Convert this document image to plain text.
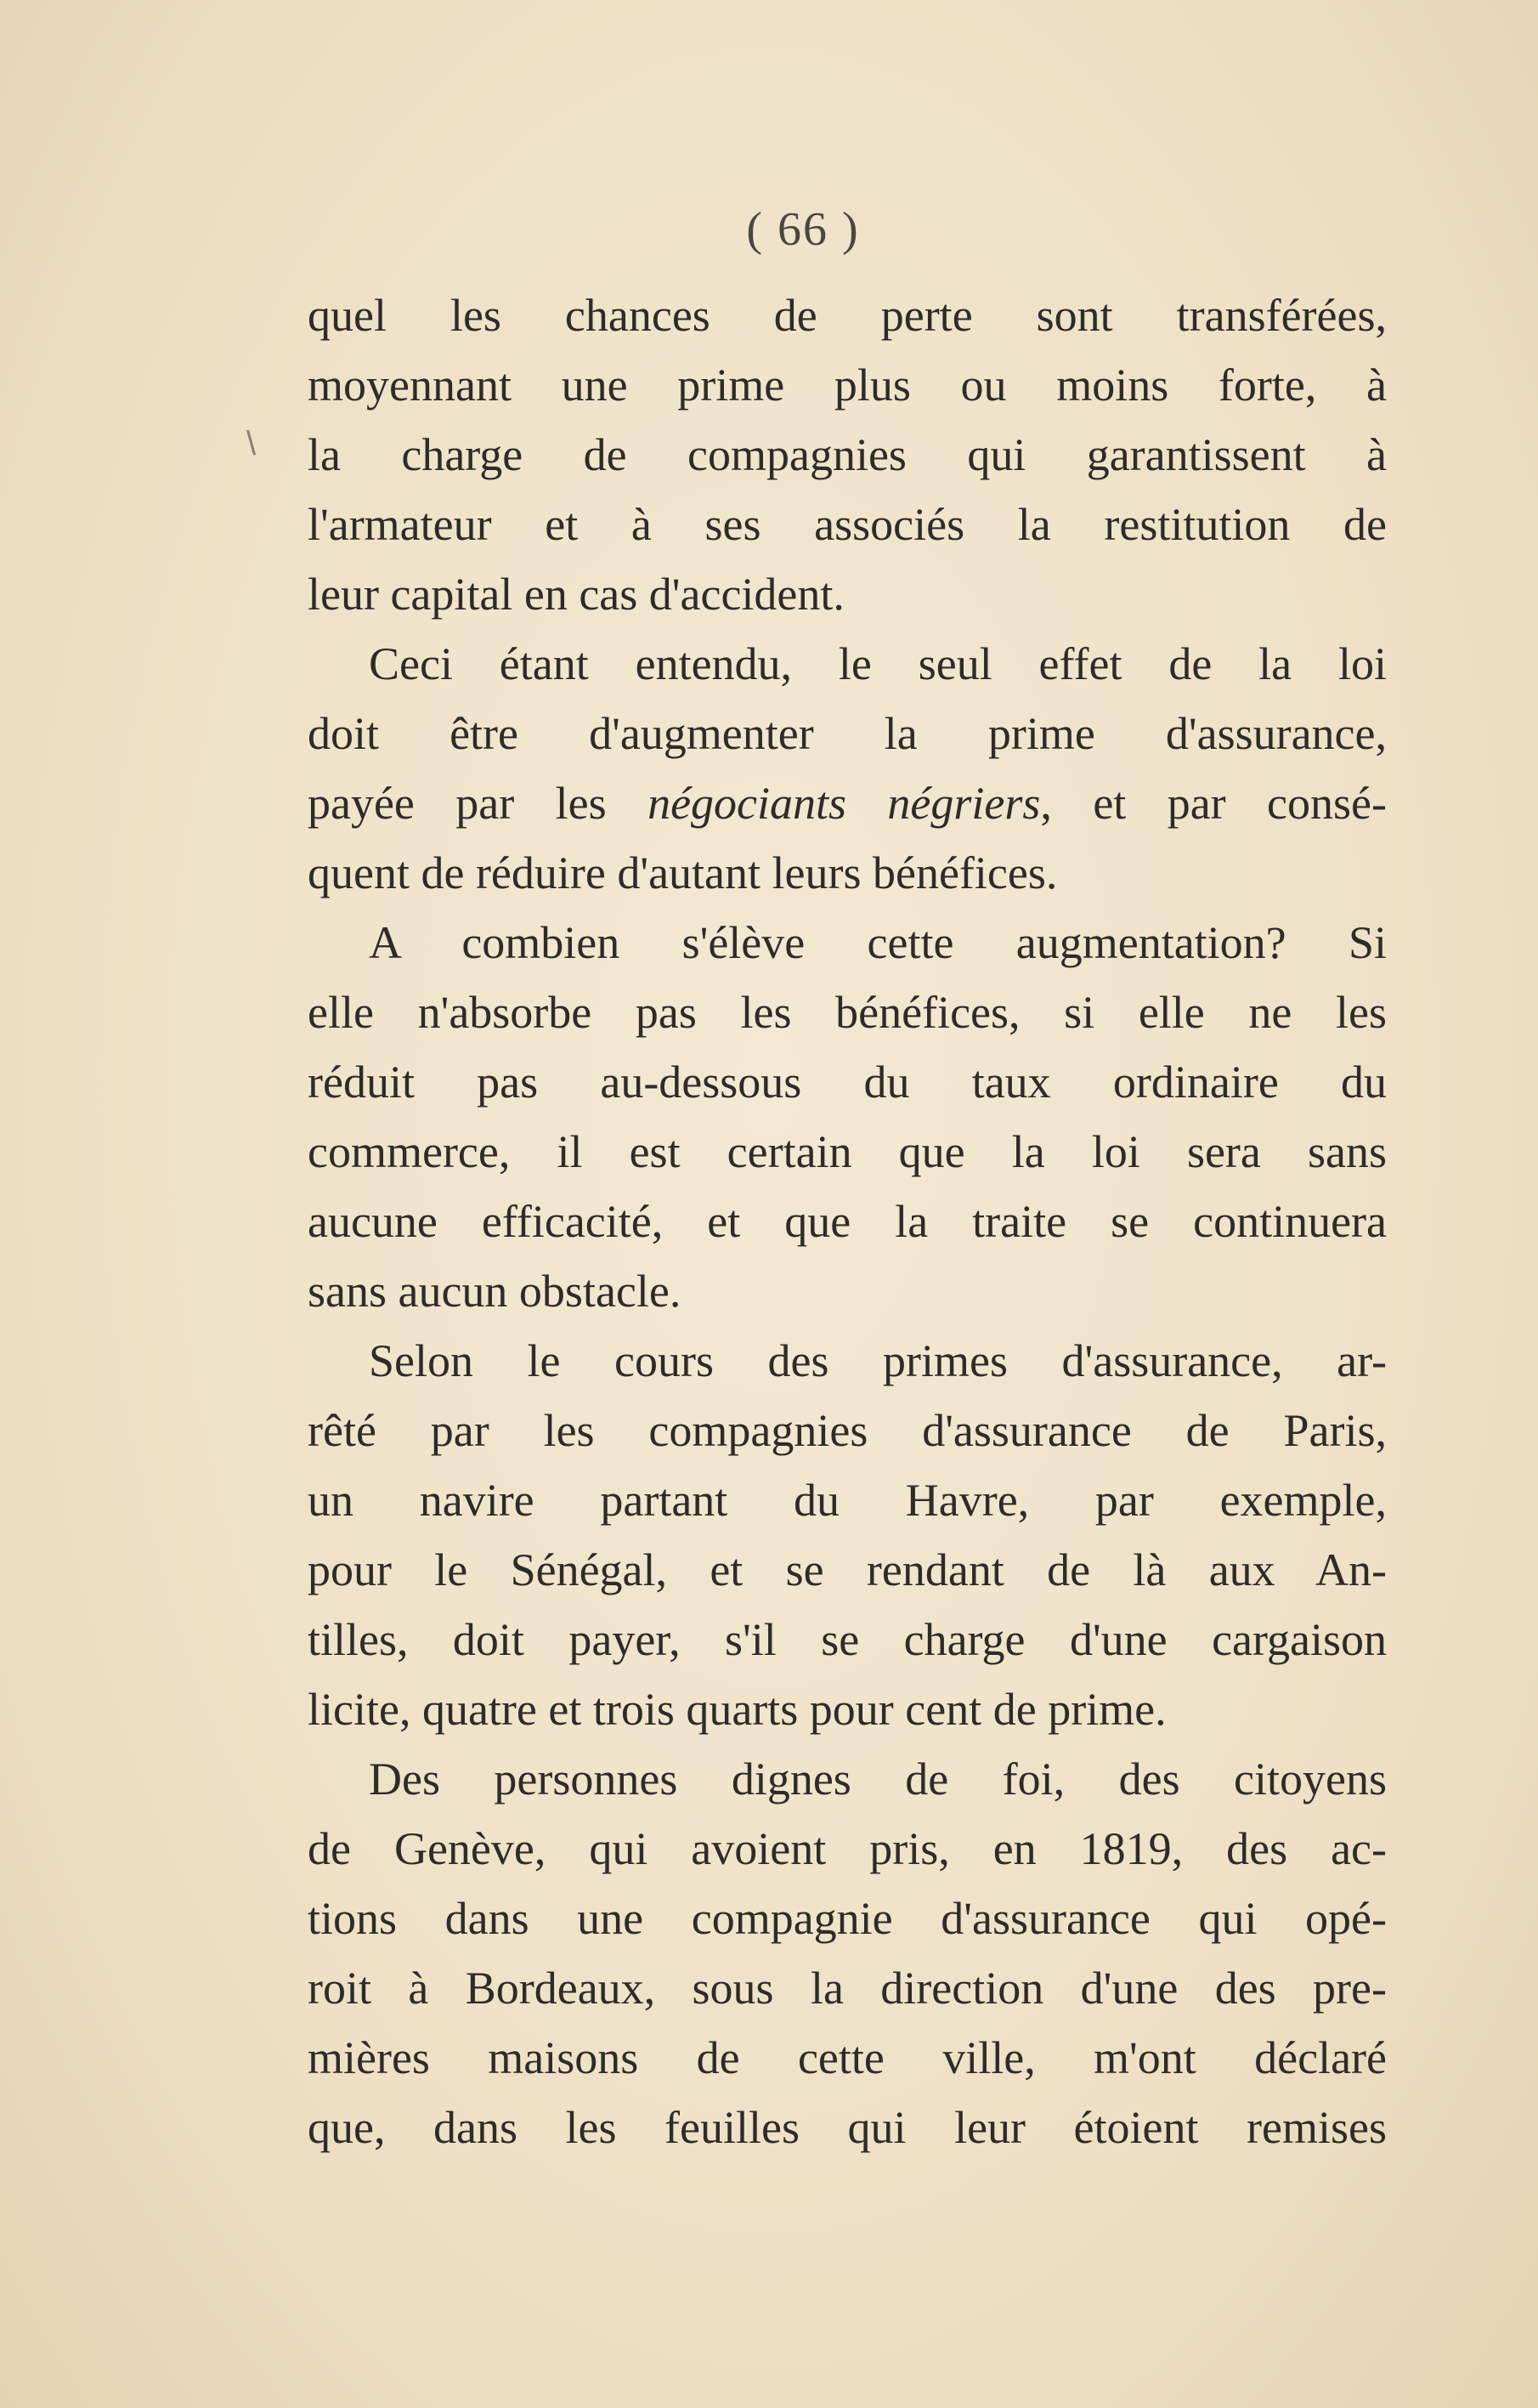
( 66 )
\
quel les chances de perte sont transférées,
moyennant une prime plus ou moins forte, à
la charge de compagnies qui garantissent à
l'armateur et à ses associés la restitution de
leur capital en cas d'accident.
Ceci étant entendu, le seul effet de la loi
doit être d'augmenter la prime d'assurance,
payée par les négociants négriers, et par consé-
quent de réduire d'autant leurs bénéfices.
A combien s'élève cette augmentation? Si
elle n'absorbe pas les bénéfices, si elle ne les
réduit pas au-dessous du taux ordinaire du
commerce, il est certain que la loi sera sans
aucune efficacité, et que la traite se continuera
sans aucun obstacle.
Selon le cours des primes d'assurance, ar-
rêté par les compagnies d'assurance de Paris,
un navire partant du Havre, par exemple,
pour le Sénégal, et se rendant de là aux An-
tilles, doit payer, s'il se charge d'une cargaison
licite, quatre et trois quarts pour cent de prime.
Des personnes dignes de foi, des citoyens
de Genève, qui avoient pris, en 1819, des ac-
tions dans une compagnie d'assurance qui opé-
roit à Bordeaux, sous la direction d'une des pre-
mières maisons de cette ville, m'ont déclaré
que, dans les feuilles qui leur étoient remises
